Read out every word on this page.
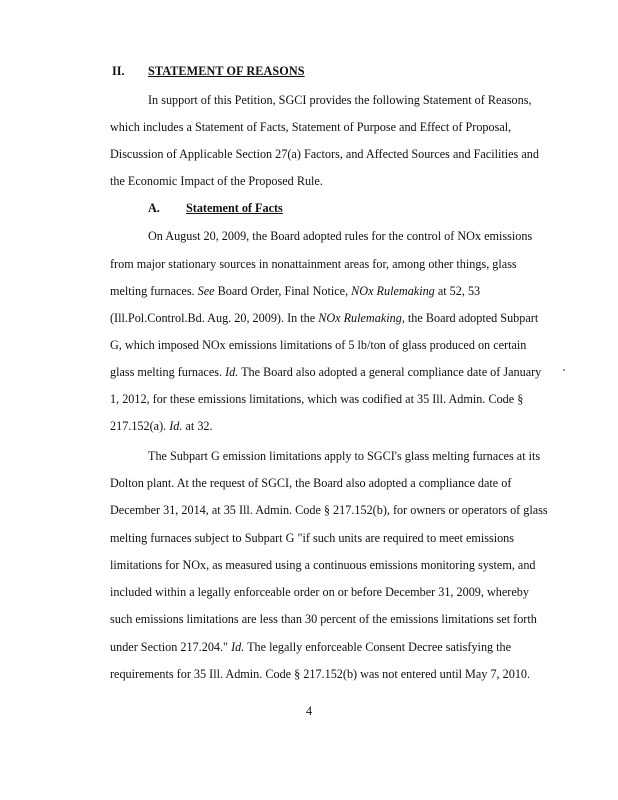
II. STATEMENT OF REASONS
In support of this Petition, SGCI provides the following Statement of Reasons,
which includes a Statement of Facts, Statement of Purpose and Effect of Proposal,
Discussion of Applicable Section 27(a) Factors, and Affected Sources and Facilities and
the Economic Impact of the Proposed Rule.
A. Statement of Facts
On August 20, 2009, the Board adopted rules for the control of NOx emissions
from major stationary sources in nonattainment areas for, among other things, glass
melting furnaces. See Board Order, Final Notice, NOx Rulemaking at 52, 53
(Ill.Pol.Control.Bd. Aug. 20, 2009). In the NOx Rulemaking, the Board adopted Subpart
G, which imposed NOx emissions limitations of 5 lb/ton of glass produced on certain
glass melting furnaces. Id. The Board also adopted a general compliance date of January
1, 2012, for these emissions limitations, which was codified at 35 Ill. Admin. Code §
217.152(a). Id. at 32.
The Subpart G emission limitations apply to SGCI's glass melting furnaces at its
Dolton plant. At the request of SGCI, the Board also adopted a compliance date of
December 31, 2014, at 35 Ill. Admin. Code § 217.152(b), for owners or operators of glass
melting furnaces subject to Subpart G "if such units are required to meet emissions
limitations for NOx, as measured using a continuous emissions monitoring system, and
included within a legally enforceable order on or before December 31, 2009, whereby
such emissions limitations are less than 30 percent of the emissions limitations set forth
under Section 217.204." Id. The legally enforceable Consent Decree satisfying the
requirements for 35 Ill. Admin. Code § 217.152(b) was not entered until May 7, 2010.
4
